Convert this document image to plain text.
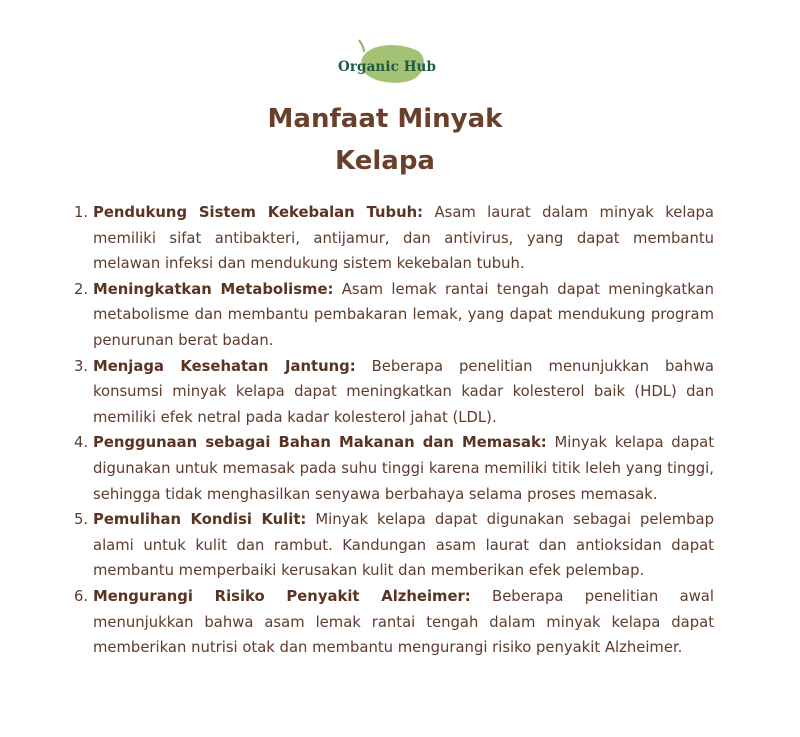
Organic Hub
Manfaat Minyak
Kelapa
1. Pendukung Sistem Kekebalan Tubuh: Asam laurat dalam minyak kelapa memiliki sifat antibakteri, antijamur, dan antivirus, yang dapat membantu melawan infeksi dan mendukung sistem kekebalan tubuh.
2. Meningkatkan Metabolisme: Asam lemak rantai tengah dapat meningkatkan metabolisme dan membantu pembakaran lemak, yang dapat mendukung program penurunan berat badan.
3. Menjaga Kesehatan Jantung: Beberapa penelitian menunjukkan bahwa konsumsi minyak kelapa dapat meningkatkan kadar kolesterol baik (HDL) dan memiliki efek netral pada kadar kolesterol jahat (LDL).
4. Penggunaan sebagai Bahan Makanan dan Memasak: Minyak kelapa dapat digunakan untuk memasak pada suhu tinggi karena memiliki titik leleh yang tinggi, sehingga tidak menghasilkan senyawa berbahaya selama proses memasak.
5. Pemulihan Kondisi Kulit: Minyak kelapa dapat digunakan sebagai pelembap alami untuk kulit dan rambut. Kandungan asam laurat dan antioksidan dapat membantu memperbaiki kerusakan kulit dan memberikan efek pelembap.
6. Mengurangi Risiko Penyakit Alzheimer: Beberapa penelitian awal menunjukkan bahwa asam lemak rantai tengah dalam minyak kelapa dapat memberikan nutrisi otak dan membantu mengurangi risiko penyakit Alzheimer.
